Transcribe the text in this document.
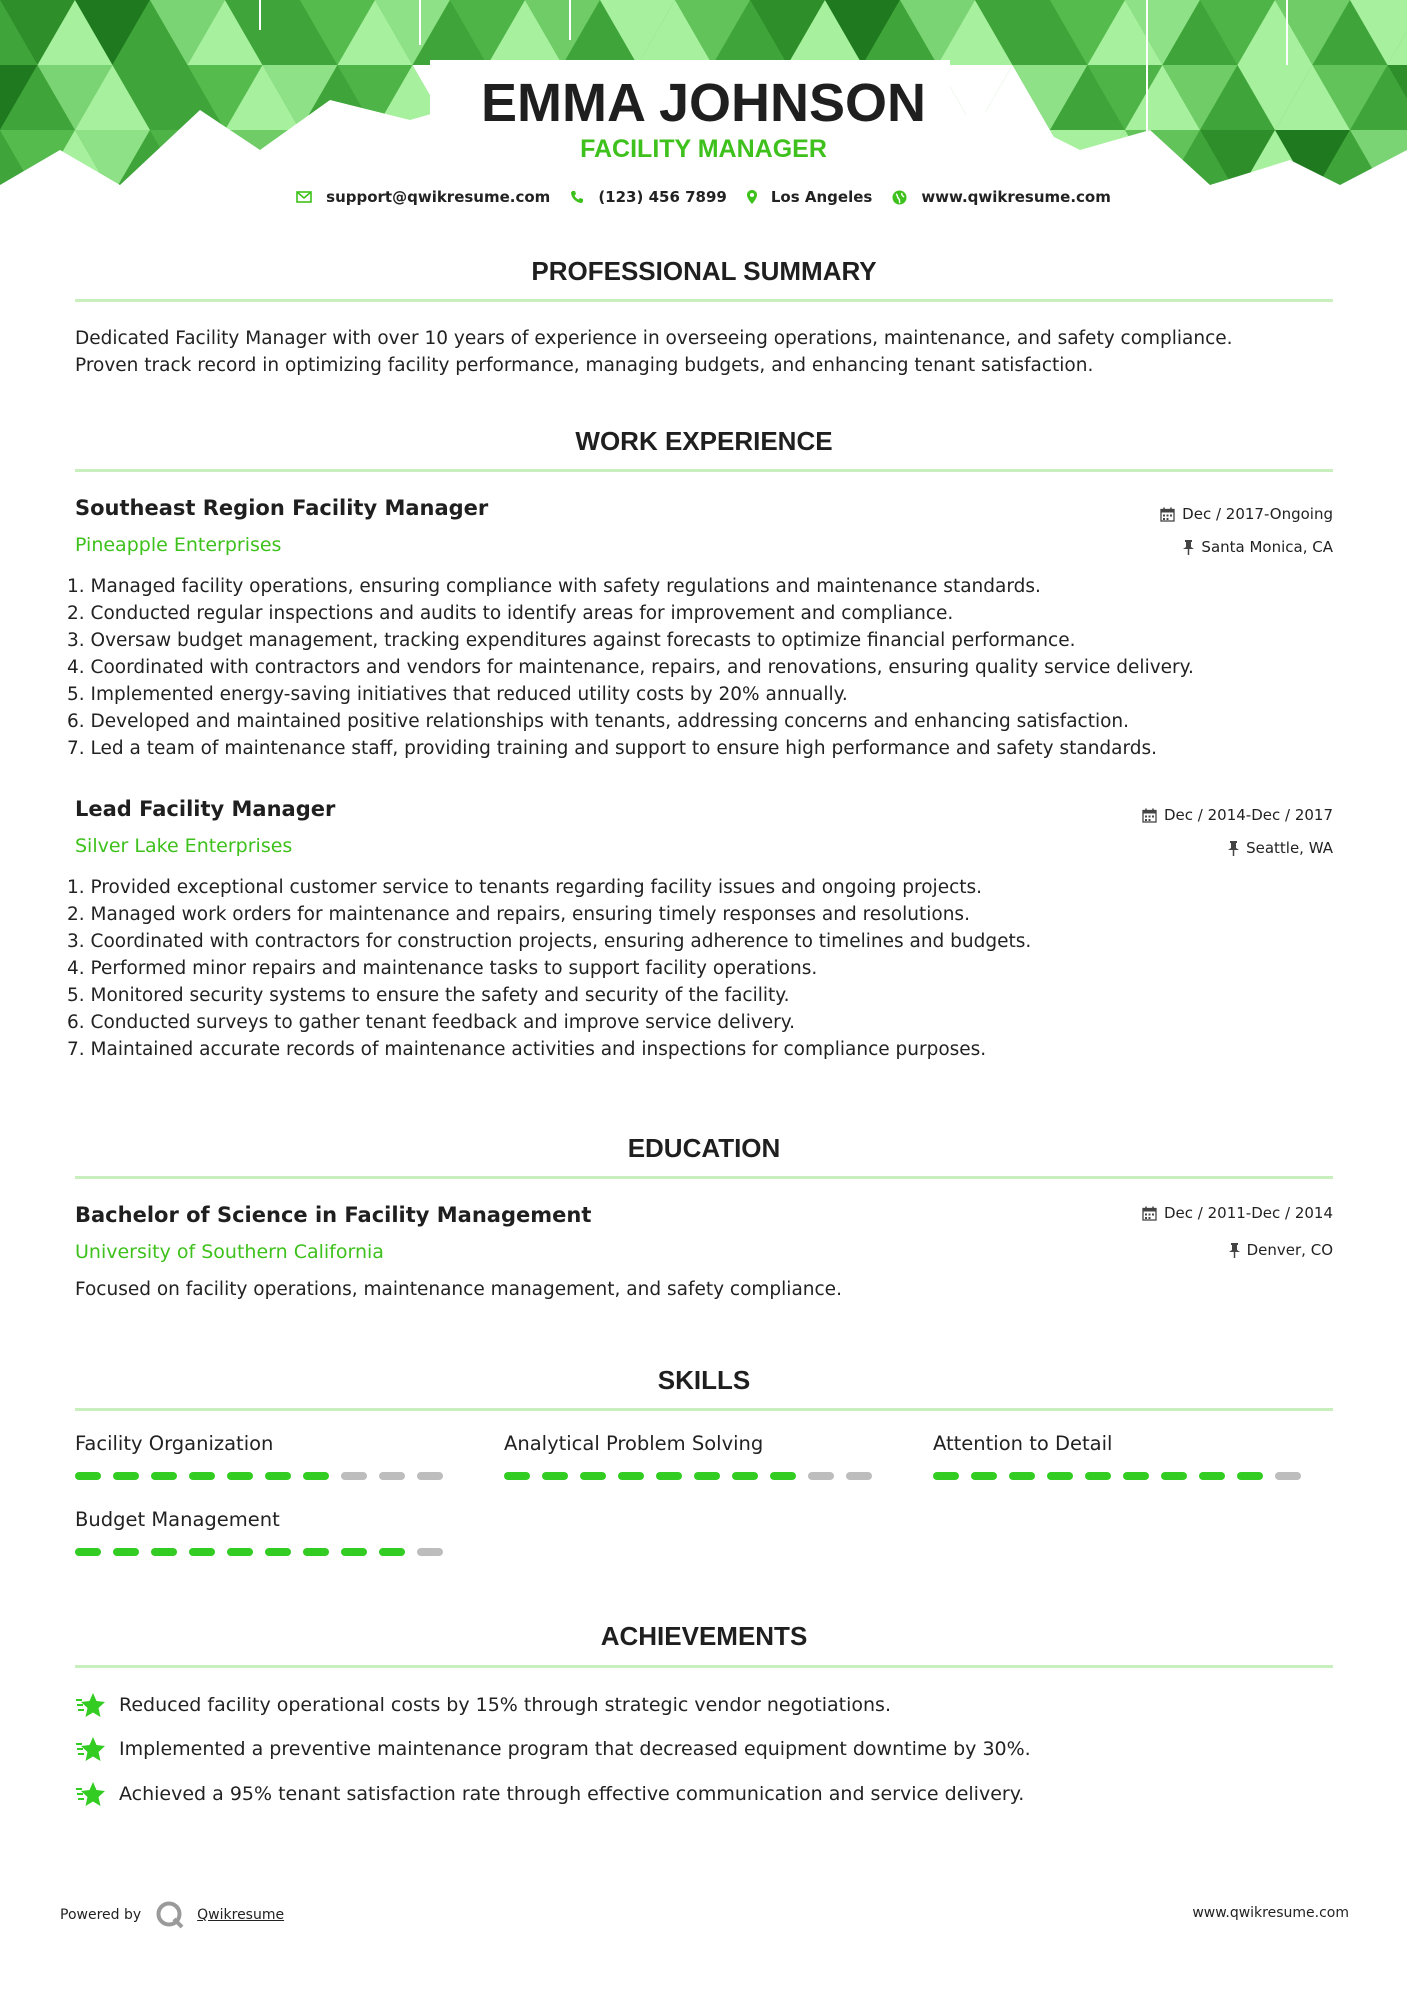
EMMA JOHNSON
FACILITY MANAGER
support@qwikresume.com	(123) 456 7899	Los Angeles	www.qwikresume.com
PROFESSIONAL SUMMARY
Dedicated Facility Manager with over 10 years of experience in overseeing operations, maintenance, and safety compliance.
Proven track record in optimizing facility performance, managing budgets, and enhancing tenant satisfaction.
WORK EXPERIENCE
Southeast Region Facility Manager
Pineapple Enterprises
Dec / 2017-Ongoing
Santa Monica, CA
1. Managed facility operations, ensuring compliance with safety regulations and maintenance standards.
2. Conducted regular inspections and audits to identify areas for improvement and compliance.
3. Oversaw budget management, tracking expenditures against forecasts to optimize financial performance.
4. Coordinated with contractors and vendors for maintenance, repairs, and renovations, ensuring quality service delivery.
5. Implemented energy-saving initiatives that reduced utility costs by 20% annually.
6. Developed and maintained positive relationships with tenants, addressing concerns and enhancing satisfaction.
7. Led a team of maintenance staff, providing training and support to ensure high performance and safety standards.
Lead Facility Manager
Silver Lake Enterprises
Dec / 2014-Dec / 2017
Seattle, WA
1. Provided exceptional customer service to tenants regarding facility issues and ongoing projects.
2. Managed work orders for maintenance and repairs, ensuring timely responses and resolutions.
3. Coordinated with contractors for construction projects, ensuring adherence to timelines and budgets.
4. Performed minor repairs and maintenance tasks to support facility operations.
5. Monitored security systems to ensure the safety and security of the facility.
6. Conducted surveys to gather tenant feedback and improve service delivery.
7. Maintained accurate records of maintenance activities and inspections for compliance purposes.
EDUCATION
Bachelor of Science in Facility Management
University of Southern California
Dec / 2011-Dec / 2014
Denver, CO
Focused on facility operations, maintenance management, and safety compliance.
SKILLS
Facility Organization	Analytical Problem Solving	Attention to Detail
Budget Management
ACHIEVEMENTS
Reduced facility operational costs by 15% through strategic vendor negotiations.
Implemented a preventive maintenance program that decreased equipment downtime by 30%.
Achieved a 95% tenant satisfaction rate through effective communication and service delivery.
Powered by	Qwikresume	www.qwikresume.com
